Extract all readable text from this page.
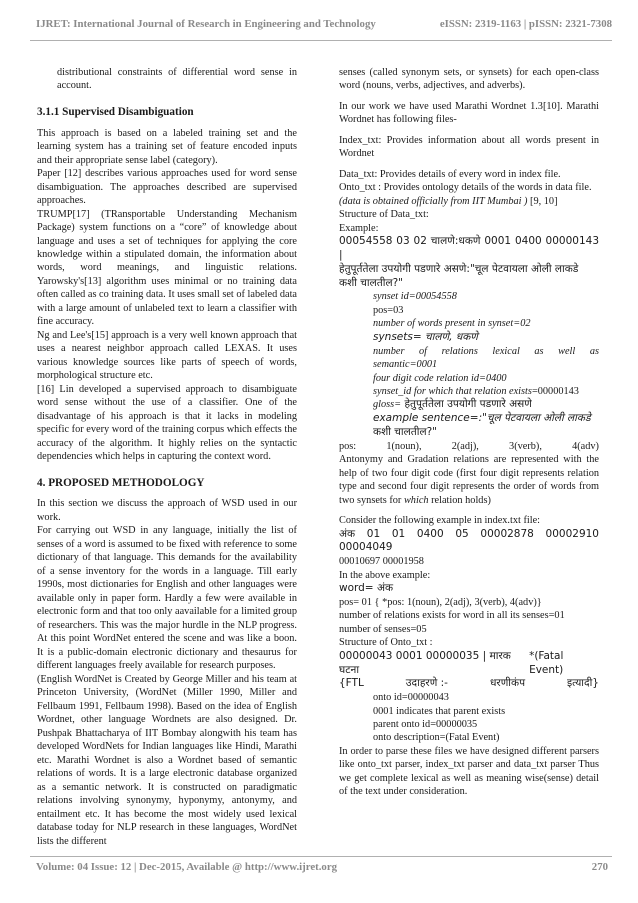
IJRET: International Journal of Research in Engineering and Technology	eISSN: 2319-1163 | pISSN: 2321-7308

distributional constraints of differential word sense in account.

3.1.1 Supervised Disambiguation

This approach is based on a labeled training set and the learning system has a training set of feature encoded inputs and their appropriate sense label (category).

Paper [12] describes various approaches used for word sense disambiguation. The approaches described are supervised approaches.

TRUMP[17] (TRansportable Understanding Mechanism Package) system functions on a “core” of knowledge about language and uses a set of techniques for applying the core knowledge within a stipulated domain, the information about words, word meanings, and linguistic relations. Yarowsky's[13] algorithm uses minimal or no training data often called as co training data. It uses small set of labeled data with a large amount of unlabeled text to learn a classifier with fine accuracy.

Ng and Lee's[15] approach is a very well known approach that uses a nearest neighbor approach called LEXAS. It uses various knowledge sources like parts of speech of words, morphological structure etc.

[16] Lin developed a supervised approach to disambiguate word sense without the use of a classifier. One of the disadvantage of his approach is that it lacks in modeling specific for every word of the training corpus which effects the accuracy of the algorithm. It highly relies on the syntactic dependencies which helps in capturing the context word.

4. PROPOSED METHODOLOGY

In this section we discuss the approach of WSD used in our work.

For carrying out WSD in any language, initially the list of senses of a word is assumed to be fixed with reference to some dictionary of that language. This demands for the availability of a sense inventory for the words in a language. Till early 1990s, most dictionaries for English and other languages were available only in paper form. Hardly a few were available in electronic form and that too only aavailable for a limited group of researchers. This was the major hurdle in the NLP progress. At this point WordNet entered the scene and was like a boon. It is a public-domain electronic dictionary and thesaurus for different languages freely available for research purposes.

(English WordNet is Created by George Miller and his team at Princeton University, (WordNet (Miller 1990, Miller and Fellbaum 1991, Fellbaum 1998). Based on the idea of English Wordnet, other language Wordnets are also designed. Dr. Pushpak Bhattacharya of IIT Bombay alongwith his team has developed WordNets for Indian languages like Hindi, Marathi etc. Marathi Wordnet is also a Wordnet based of semantic relations of words. It is a large electronic database organized as a semantic network. It is constructed on paradigmatic relations involving synonymy, hyponymy, antonymy, and entailment etc. It has become the most widely used lexical database today for NLP research in these languages, WordNet lists the different

senses (called synonym sets, or synsets) for each open-class word (nouns, verbs, adjectives, and adverbs).

In our work we have used Marathi Wordnet 1.3[10]. Marathi Wordnet has following files-

Index_txt: Provides information about all words present in Wordnet

Data_txt: Provides details of every word in index file.

Onto_txt : Provides ontology details of the words in data file.

(data is obtained officially from IIT Mumbai ) [9, 10]

Structure of Data_txt:

Example:

00054558 03 02 चालणे:धकणे 0001 0400 00000143 |

हेतुपूर्ततेला उपयोगी पडणारे असणे:"चूल पेटवायला ओली लाकडे

कशी चालतील?"

synset id=00054558

pos=03

number of words present in synset=02

synsets= चालणे, धकणे

number of relations lexical as well as

semantic=0001

four digit code relation id=0400

synset_id for which that relation exists=00000143

gloss= हेतुपूर्ततेला उपयोगी पडणारे असणे

example sentence=:"चूल पेटवायला ओली लाकडे

कशी चालतील?"

pos:	1(noun),	2(adj),	3(verb),	4(adv)

Antonymy and Gradation relations are represented with the help of two four digit code (first four digit represents relation type and second four digit represents the order of words from two synsets for which relation holds)

Consider the following example in index.txt file:

अंक 01 01 0400 05 00002878 00002910 00004049

00010697 00001958

In the above example:

word= अंक

pos= 01 { *pos: 1(noun), 2(adj), 3(verb), 4(adv)}

number of relations exists for word in all its senses=01

number of senses=05

Structure of Onto_txt :

00000043 0001 00000035 | मारक घटना
*(Fatal Event)
{FTL	उदाहरणे :-	धरणीकंप	इत्यादी}

onto id=00000043

0001 indicates that parent exists

parent onto id=00000035

onto description=(Fatal Event)

In order to parse these files we have designed different parsers like onto_txt parser, index_txt parser and data_txt parser Thus we get complete lexical as well as meaning wise(sense) detail of the text under consideration.

Volume: 04 Issue: 12 | Dec-2015, Available @ http://www.ijret.org	270
